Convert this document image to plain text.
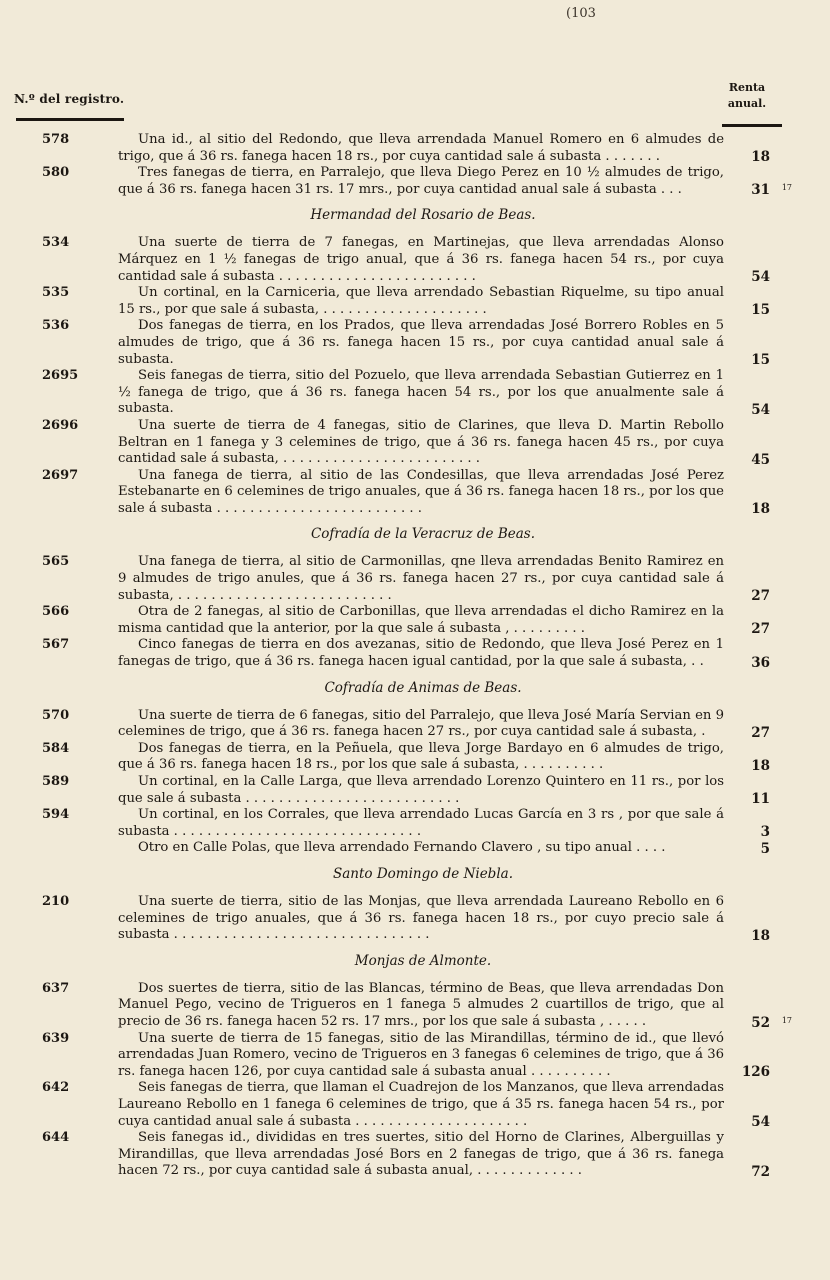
(103
N.º del registro.
Renta
anual.
578	Una id., al sitio del Redondo, que lleva arrendada Manuel Romero en 6 almudes de trigo, que á 36 rs. fanega hacen 18 rs., por cuya cantidad sale á subasta . . . . . . .	18
580	Tres fanegas de tierra, en Parralejo, que lleva Diego Perez en 10 ½ almudes de trigo, que á 36 rs. fanega hacen 31 rs. 17 mrs., por cuya cantidad anual sale á subasta . . .	31 17
Hermandad del Rosario de Beas.
534	Una suerte de tierra de 7 fanegas, en Martinejas, que lleva arrendadas Alonso Márquez en 1 ½ fanegas de trigo anual, que á 36 rs. fanega hacen 54 rs., por cuya cantidad sale á subasta . . . . . . . . . . . . . . . . . . . . . . . .	54
535	Un cortinal, en la Carniceria, que lleva arrendado Sebastian Riquelme, su tipo anual 15 rs., por que sale á subasta, . . . . . . . . . . . . . . . . . . . .	15
536	Dos fanegas de tierra, en los Prados, que lleva arrendadas José Borrero Robles en 5 almudes de trigo, que á 36 rs. fanega hacen 15 rs., por cuya cantidad anual sale á subasta.	15
2695	Seis fanegas de tierra, sitio del Pozuelo, que lleva arrendada Sebastian Gutierrez en 1 ½ fanega de trigo, que á 36 rs. fanega hacen 54 rs., por los que anualmente sale á subasta.	54
2696	Una suerte de tierra de 4 fanegas, sitio de Clarines, que lleva D. Martin Rebollo Beltran en 1 fanega y 3 celemines de trigo, que á 36 rs. fanega hacen 45 rs., por cuya cantidad sale á subasta, . . . . . . . . . . . . . . . . . . . . . . . .	45
2697	Una fanega de tierra, al sitio de las Condesillas, que lleva arrendadas José Perez Estebanarte en 6 celemines de trigo anuales, que á 36 rs. fanega hacen 18 rs., por los que sale á subasta . . . . . . . . . . . . . . . . . . . . . . . . .	18
Cofradía de la Veracruz de Beas.
565	Una fanega de tierra, al sitio de Carmonillas, qne lleva arrendadas Benito Ramirez en 9 almudes de trigo anules, que á 36 rs. fanega hacen 27 rs., por cuya cantidad sale á subasta, . . . . . . . . . . . . . . . . . . . . . . . . . .	27
566	Otra de 2 fanegas, al sitio de Carbonillas, que lleva arrendadas el dicho Ramirez en la misma cantidad que la anterior, por la que sale á subasta , . . . . . . . . .	27
567	Cinco fanegas de tierra en dos avezanas, sitio de Redondo, que lleva José Perez en 1 fanegas de trigo, que á 36 rs. fanega hacen igual cantidad, por la que sale á subasta, . .	36
Cofradía de Animas de Beas.
570	Una suerte de tierra de 6 fanegas, sitio del Parralejo, que lleva José María Servian en 9 celemines de trigo, que á 36 rs. fanega hacen 27 rs., por cuya cantidad sale á subasta, .	27
584	Dos fanegas de tierra, en la Peñuela, que lleva Jorge Bardayo en 6 almudes de trigo, que á 36 rs. fanega hacen 18 rs., por los que sale á subasta, . . . . . . . . . .	18
589	Un cortinal, en la Calle Larga, que lleva arrendado Lorenzo Quintero en 11 rs., por los que sale á subasta . . . . . . . . . . . . . . . . . . . . . . . . . .	11
594	Un cortinal, en los Corrales, que lleva arrendado Lucas García en 3 rs , por que sale á subasta . . . . . . . . . . . . . . . . . . . . . . . . . . . . . .	3
Otro en Calle Polas, que lleva arrendado Fernando Clavero , su tipo anual . . . .	5
Santo Domingo de Niebla.
210	Una suerte de tierra, sitio de las Monjas, que lleva arrendada Laureano Rebollo en 6 celemines de trigo anuales, que á 36 rs. fanega hacen 18 rs., por cuyo precio sale á subasta . . . . . . . . . . . . . . . . . . . . . . . . . . . . . . .	18
Monjas de Almonte.
637	Dos suertes de tierra, sitio de las Blancas, término de Beas, que lleva arrendadas Don Manuel Pego, vecino de Trigueros en 1 fanega 5 almudes 2 cuartillos de trigo, que al precio de 36 rs. fanega hacen 52 rs. 17 mrs., por los que sale á subasta , . . . . .	52 17
639	Una suerte de tierra de 15 fanegas, sitio de las Mirandillas, término de id., que llevó arrendadas Juan Romero, vecino de Trigueros en 3 fanegas 6 celemines de trigo, que á 36 rs. fanega hacen 126, por cuya cantidad sale á subasta anual . . . . . . . . . .	126
642	Seis fanegas de tierra, que llaman el Cuadrejon de los Manzanos, que lleva arrendadas Laureano Rebollo en 1 fanega 6 celemines de trigo, que á 35 rs. fanega hacen 54 rs., por cuya cantidad anual sale á subasta . . . . . . . . . . . . . . . . . . . . .	54
644	Seis fanegas id., divididas en tres suertes, sitio del Horno de Clarines, Alberguillas y Mirandillas, que lleva arrendadas José Bors en 2 fanegas de trigo, que á 36 rs. fanega hacen 72 rs., por cuya cantidad sale á subasta anual, . . . . . . . . . . . . .	72
